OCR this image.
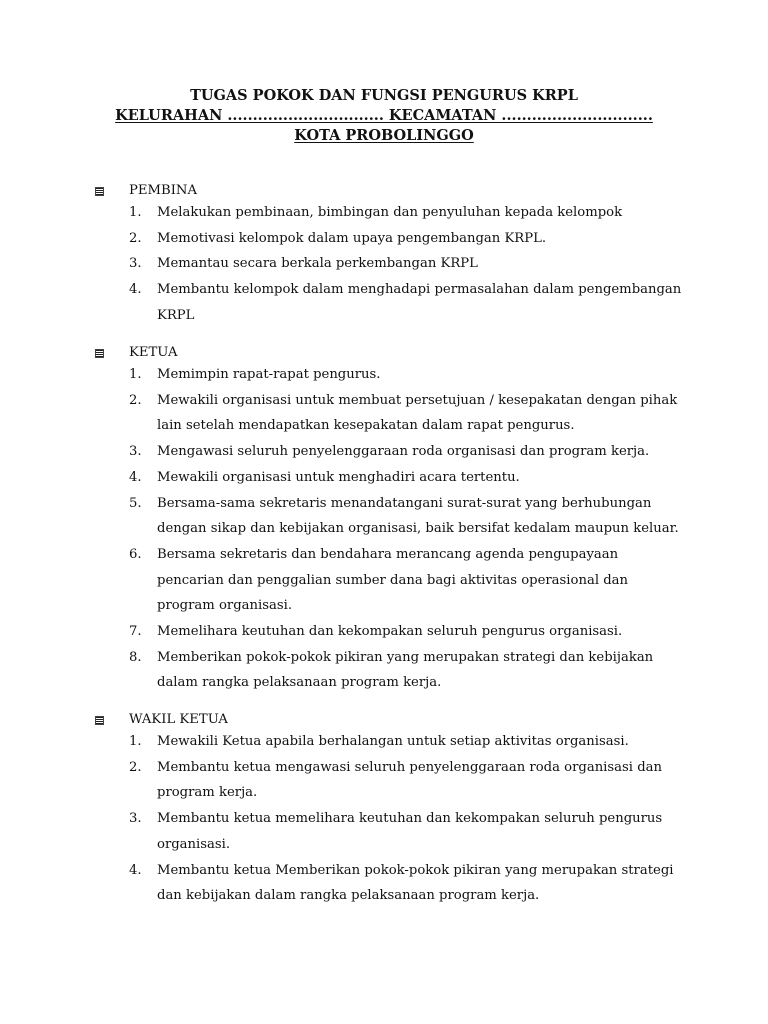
TUGAS POKOK DAN FUNGSI PENGURUS KRPL
KELURAHAN ............................... KECAMATAN ..............................
KOTA PROBOLINGGO
PEMBINA
1. Melakukan pembinaan, bimbingan dan penyuluhan kepada kelompok
2. Memotivasi kelompok dalam upaya pengembangan KRPL.
3. Memantau secara berkala perkembangan KRPL
4. Membantu kelompok dalam menghadapi permasalahan dalam pengembangan
KRPL
KETUA
1. Memimpin rapat-rapat pengurus.
2. Mewakili organisasi untuk membuat persetujuan / kesepakatan dengan pihak
lain setelah mendapatkan kesepakatan dalam rapat pengurus.
3. Mengawasi seluruh penyelenggaraan roda organisasi dan program kerja.
4. Mewakili organisasi untuk menghadiri acara tertentu.
5. Bersama-sama sekretaris menandatangani surat-surat yang berhubungan
dengan sikap dan kebijakan organisasi, baik bersifat kedalam maupun keluar.
6. Bersama sekretaris dan bendahara merancang agenda pengupayaan
pencarian dan penggalian sumber dana bagi aktivitas operasional dan
program organisasi.
7. Memelihara keutuhan dan kekompakan seluruh pengurus organisasi.
8. Memberikan pokok-pokok pikiran yang merupakan strategi dan kebijakan
dalam rangka pelaksanaan program kerja.
WAKIL KETUA
1. Mewakili Ketua apabila berhalangan untuk setiap aktivitas organisasi.
2. Membantu ketua mengawasi seluruh penyelenggaraan roda organisasi dan
program kerja.
3. Membantu ketua memelihara keutuhan dan kekompakan seluruh pengurus
organisasi.
4. Membantu ketua Memberikan pokok-pokok pikiran yang merupakan strategi
dan kebijakan dalam rangka pelaksanaan program kerja.
